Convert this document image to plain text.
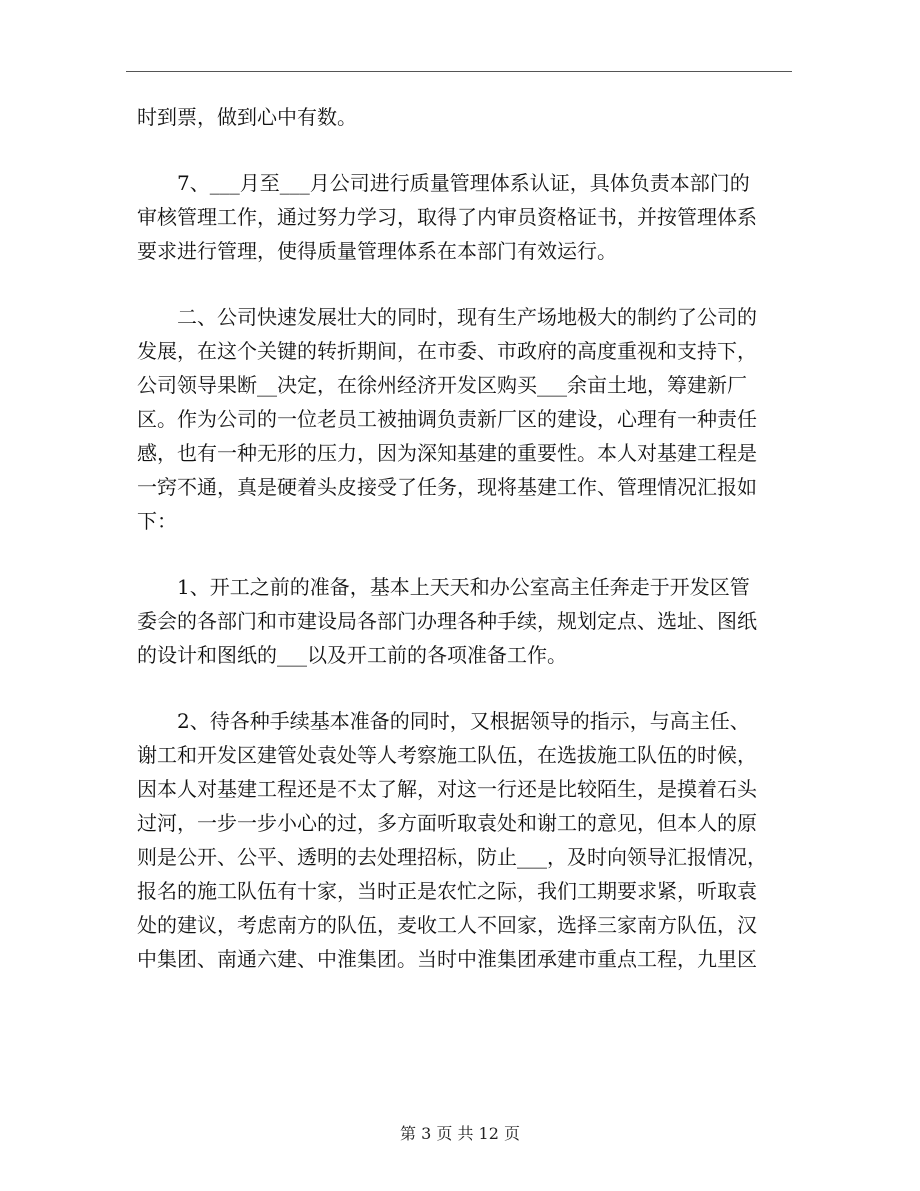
时到票，做到心中有数。
　　7、___月至___月公司进行质量管理体系认证，具体负责本部门的
审核管理工作，通过努力学习，取得了内审员资格证书，并按管理体系
要求进行管理，使得质量管理体系在本部门有效运行。
　　二、公司快速发展壮大的同时，现有生产场地极大的制约了公司的
发展，在这个关键的转折期间，在市委、市政府的高度重视和支持下，
公司领导果断__决定，在徐州经济开发区购买___余亩土地，筹建新厂
区。作为公司的一位老员工被抽调负责新厂区的建设，心理有一种责任
感，也有一种无形的压力，因为深知基建的重要性。本人对基建工程是
一窍不通，真是硬着头皮接受了任务，现将基建工作、管理情况汇报如
下：
　　1、开工之前的准备，基本上天天和办公室高主任奔走于开发区管
委会的各部门和市建设局各部门办理各种手续，规划定点、选址、图纸
的设计和图纸的___以及开工前的各项准备工作。
　　2、待各种手续基本准备的同时，又根据领导的指示，与高主任、
谢工和开发区建管处袁处等人考察施工队伍，在选拔施工队伍的时候，
因本人对基建工程还是不太了解，对这一行还是比较陌生，是摸着石头
过河，一步一步小心的过，多方面听取袁处和谢工的意见，但本人的原
则是公开、公平、透明的去处理招标，防止___，及时向领导汇报情况，
报名的施工队伍有十家，当时正是农忙之际，我们工期要求紧，听取袁
处的建议，考虑南方的队伍，麦收工人不回家，选择三家南方队伍，汉
中集团、南通六建、中淮集团。当时中淮集团承建市重点工程，九里区
第 3 页 共 12 页
